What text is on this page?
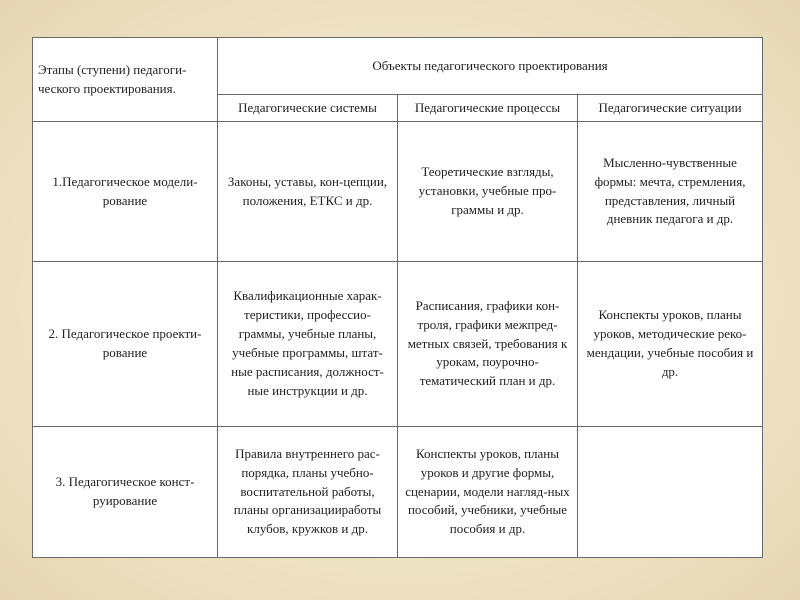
Этапы (ступени) педагоги-ческого проектирования.	Объекты педагогического проектирования		
	Педагогические системы	Педагогические процессы	Педагогические ситуации
1.Педагогическое модели-рование	Законы, уставы, кон-цепции, положения, ЕТКС и др.	Теоретические взгляды, установки, учебные про-граммы и др.	Мысленно-чувственные формы: мечта, стремления, представления, личный дневник педагога и др.
2. Педагогическое проекти-рование	Квалификационные харак-теристики, профессио-граммы, учебные планы, учебные программы, штат-ные расписания, должност-ные инструкции и др.	Расписания, графики кон-троля, графики межпред-метных связей, требования к урокам, поурочно-тематический план и др.	Конспекты уроков, планы уроков, методические реко-мендации, учебные пособия и др.
3. Педагогическое конст-руирование	Правила внутреннего рас-порядка, планы учебно-воспитательной работы, планы организацииработы клубов, кружков и др.	Конспекты уроков, планы уроков и другие формы, сценарии, модели нагляд-ных пособий, учебники, учебные пособия и др.	
